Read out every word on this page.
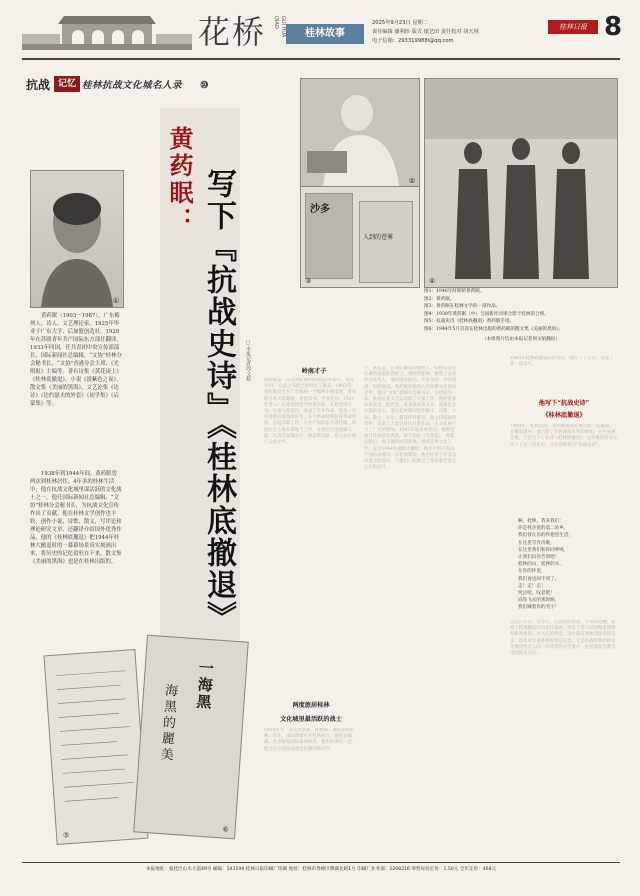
花桥	GUI HUA QIAO
桂林故事
2025年9月23日 星期二
责任编辑 潘利珍 版式 郁艺田 责任校对 胡天林
电子信箱：293319988l@qq.com
桂林日报 8
抗战 记忆 桂林抗战文化城名人录 ⑩
①
黄药眠（1903－1987），广东梅州人。诗人、文艺理论家。1925年毕业于广东大学，后加盟创造社。1929年在苏联青年共产国际东方部任翻译，1933年回国，任共青团中央宣传部部长，国际新闻社总编辑，“文协”桂林分会秘书长、“文协”香港分会主席、《光明报》主编等。著有诗集《黄花岗上》《桂林底撤退》，小说《淡紫色之夜》，散文集《美丽的黑海》，文艺论集《论诗》《论约瑟夫的外套》《初学集》《启蒙集》等。
1938年到1944年间，黄药眠曾两次到桂林居住。4年多的桂林生活中，他在抗战文化城里谋活跃的文化战士之一，他任国际新闻社总编辑、“文协”桂林分会秘书长，为抗战文化宣传作出了贡献，他在桂林文学创作也丰收，创作小说、诗歌、散文，写评论和理论研究文章，还翻译介绍国外优秀作品，他的《桂林底撤退》把1944年桂林大撤退时的一幕幕场景真实刻画出来，将历史的记忆留驻在下来，散文集《美丽的黑海》也是在桂林出版的。
黄药眠： 写下『抗战史诗』《桂林底撤退》 □本报记者周文韬
②
沙多
入到的苍雾
③	④
图1：1946年时期的黄药眠。
图2：黄药眠。
图3：黄药眠在桂林文学的一部作品。
图4：1939年黄药眠（中）与国新社同事合影于桂林的合照。
图5：抗战史诗《桂林底撤退》黄药眠手迹。
图6：1944年5月首次在桂林出版的黄药眠的散文集《美丽的黑海》。
（本组图片均由本报记者周文韬翻拍）
⑤
一海黑
海黑的麗美
⑥
岭南才子
黄药眠第一次来到桂林的时间是1938年，那年10月，在此之前他已经经历了很多。1903年，黄药眠出生在广东梅州一个编辫小贩家庭，黄药眠自幼天资聪颖，喜爱读书，学业优异。1921年考入广东高等师范学校英语系，开始尝试写诗。后加入创造社，发表了许多作品。他是一位有理想有抱负的青年，在大革命时期投身革命洪流，后赴苏联工作，在共产国际东方部任职。回国后在上海从事地下工作，曾被国民党逮捕入狱。抗战全面爆发后，他获释出狱，投入抗日救亡运动之中。
两度旅居桂林
文化城里最活跃的战士
1938年冬，从长沙逃难，经衡阳，辗转来到桂林。次年，国际新闻社在桂林成立，他任总编辑，负责编发国际新闻稿件。他和同事们一起，把大后方的抗战消息传播到海内外。
下，寓在此，在我们翻看的地图上，桂林抗战文化城的面貌跃然纸上。那时的桂林，聚集了众多的文化名人，他们创办报刊、开设书店、举办演讲、组织演出。黄药眠积极投入到各种文化活动之中，他任“文协”桂林分会秘书长，为团结作家、推动抗战文艺运动做了大量工作。他经常参加座谈会、报告会，发表演讲和文章，鼓舞民众抗战的信心。他在桂林期间创作颇丰，诗歌、小说、散文、评论、翻译样样都有。他主持编辑的刊物，发表了大量宣传抗日的作品，在文化界产生了广泛的影响。1941年皖南事变后，他被迫离开桂林前往香港，参与创办《光明报》。香港沦陷后，他又辗转回到桂林，继续从事文化工作。直至1944年湘桂大撤退，他才不得不再次告别这座城市。在桂林期间，他还结识了许多志同道合的朋友，与他们一起度过了那段艰苦而又充实的岁月。
1944年桂林疏散前后的情景，他写下了长诗，记录了那一段历史。
他写下“抗战史诗”
《桂林底撤退》
1944年，桂林沦陷，黄药眠随着桂林市民一起撤离。在撤退途中，他目睹了百姓流离失所的惨状，心中充满悲愤，于是写下了长诗《桂林底撤退》，以诗歌的形式记录下了这一段历史。这首诗被誉为“抗战史诗”。
啊，桂林，我来我们：
你是我亲爱的第二故乡，
我们曾在你的怀抱里生活，
在这里写作诗歌，
在这里我们和你同呼吸，
让我们向你告别吧！
桂林的山，桂林的水，
在你的怀里，
我们再也回不到了。
走！走！走！
哭泣吧，叹息吧！
向你飞去的那时候，
我们喊着你的名字！
这首诗长达二百多行，以真挚的情感、生动的笔触，描绘了桂林撤退时的悲壮场面，抒发了诗人对侵略者的愤恨和对祖国、对人民的热爱。诗中既有对惨烈场景的写实，也有对未来胜利的坚定信念。它是抗战时期桂林文化城留给后人的一份珍贵的文学遗产，也是那段苦难历史的真实见证。
本报地址：临桂区山水大道49号 邮编：541199 桂林日报印刷厂印刷 地址：桂林市秀峰区穆湖北路1号 印刷厂业务部：2208216 零售每份定价：1.50元 全年定价：468元
